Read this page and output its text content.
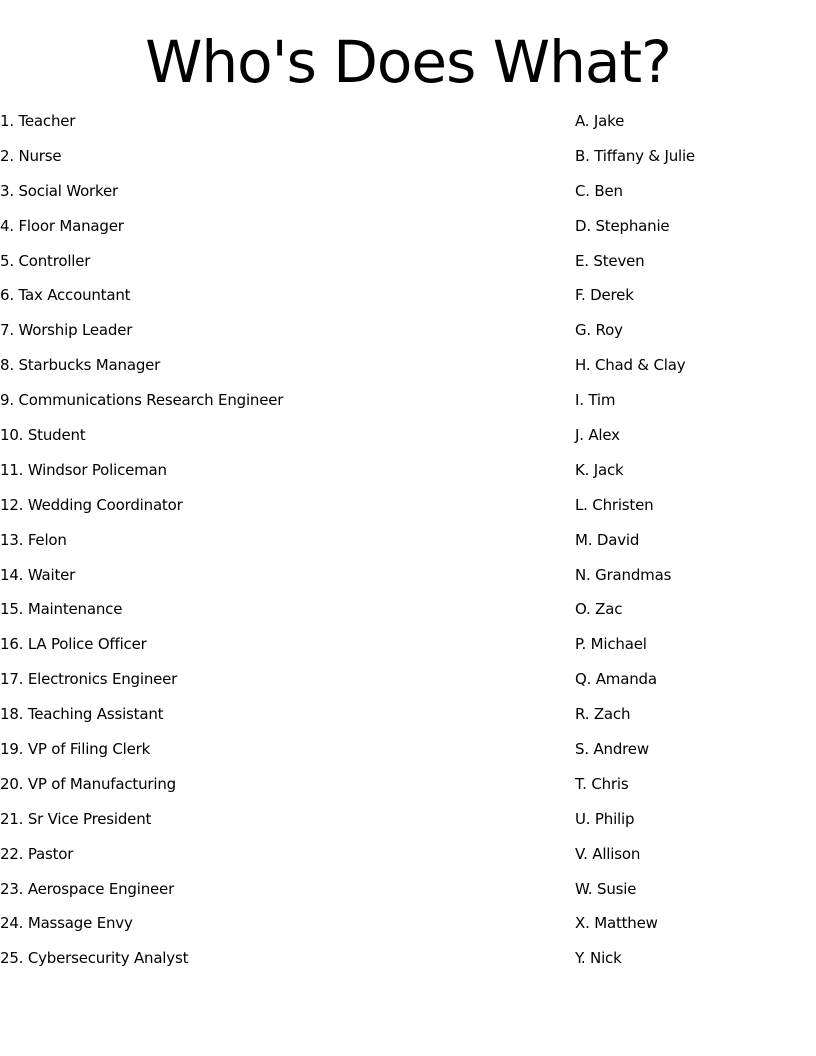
Who's Does What?
1. Teacher
2. Nurse
3. Social Worker
4. Floor Manager
5. Controller
6. Tax Accountant
7. Worship Leader
8. Starbucks Manager
9. Communications Research Engineer
10. Student
11. Windsor Policeman
12. Wedding Coordinator
13. Felon
14. Waiter
15. Maintenance
16. LA Police Officer
17. Electronics Engineer
18. Teaching Assistant
19. VP of Filing Clerk
20. VP of Manufacturing
21. Sr Vice President
22. Pastor
23. Aerospace Engineer
24. Massage Envy
25. Cybersecurity Analyst
A. Jake
B. Tiffany & Julie
C. Ben
D. Stephanie
E. Steven
F. Derek
G. Roy
H. Chad & Clay
I. Tim
J. Alex
K. Jack
L. Christen
M. David
N. Grandmas
O. Zac
P. Michael
Q. Amanda
R. Zach
S. Andrew
T. Chris
U. Philip
V. Allison
W. Susie
X. Matthew
Y. Nick
